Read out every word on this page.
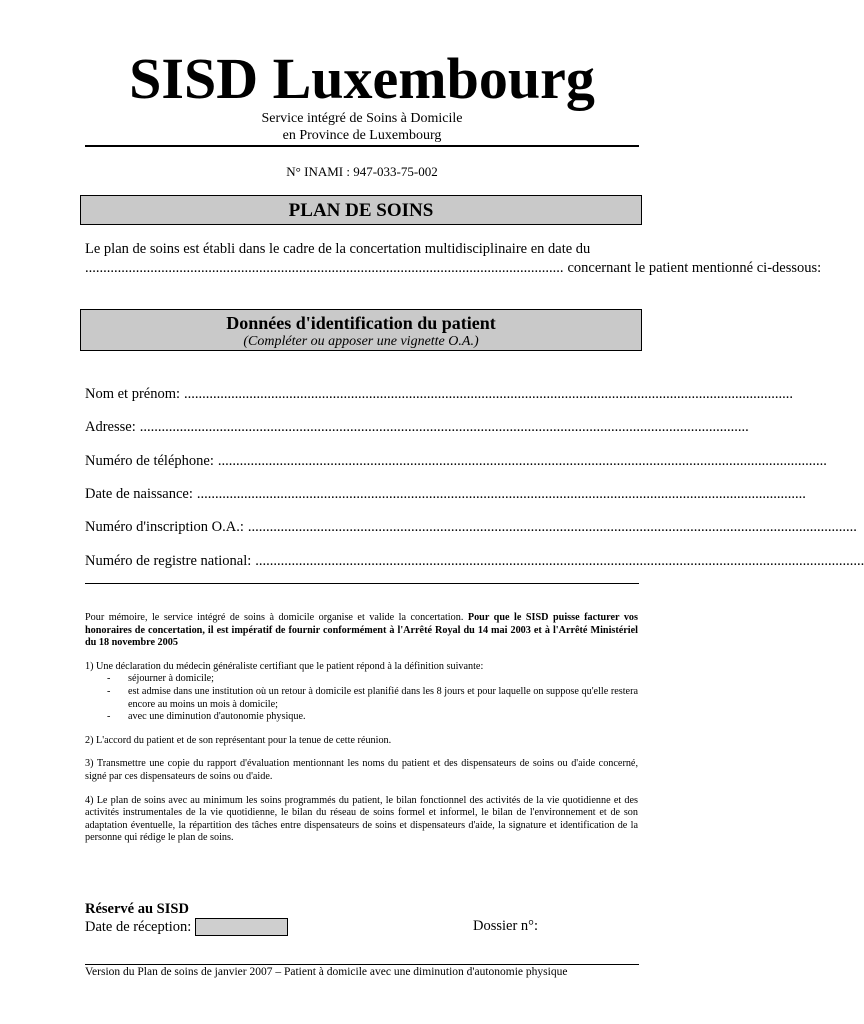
SISD Luxembourg
Service intégré de Soins à Domicile
en Province de Luxembourg
N° INAMI : 947-033-75-002
PLAN DE SOINS
Le plan de soins est établi dans le cadre de la concertation multidisciplinaire en date du
.................................................................................................................................... concernant le patient mentionné ci-dessous:
Données d'identification du patient
(Compléter ou apposer une vignette O.A.)
Nom et prénom: ........................................................................................................................................................................
Adresse: ........................................................................................................................................................................
Numéro de téléphone: ........................................................................................................................................................................
Date de naissance: ........................................................................................................................................................................
Numéro d'inscription O.A.: ........................................................................................................................................................................
Numéro de registre national: ........................................................................................................................................................................

Pour mémoire, le service intégré de soins à domicile organise et valide la concertation. Pour que le SISD puisse facturer vos honoraires de concertation, il est impératif de fournir conformément à l'Arrêté Royal du 14 mai 2003 et à l'Arrêté Ministériel du 18 novembre 2005

1) Une déclaration du médecin généraliste certifiant que le patient répond à la définition suivante:
- séjourner à domicile;
- est admise dans une institution où un retour à domicile est planifié dans les 8 jours et pour laquelle on suppose qu'elle restera encore au moins un mois à domicile;
- avec une diminution d'autonomie physique.

2) L'accord du patient et de son représentant pour la tenue de cette réunion.

3) Transmettre une copie du rapport d'évaluation mentionnant les noms du patient et des dispensateurs de soins ou d'aide concerné, signé par ces dispensateurs de soins ou d'aide.

4) Le plan de soins avec au minimum les soins programmés du patient, le bilan fonctionnel des activités de la vie quotidienne et des activités instrumentales de la vie quotidienne, le bilan du réseau de soins formel et informel, le bilan de l'environnement et de son adaptation éventuelle, la répartition des tâches entre dispensateurs de soins et dispensateurs d'aide, la signature et identification de la personne qui rédige le plan de soins.

Réservé au SISD
Date de réception:	Dossier n°:
Version du Plan de soins de janvier 2007 – Patient à domicile avec une diminution d'autonomie physique
